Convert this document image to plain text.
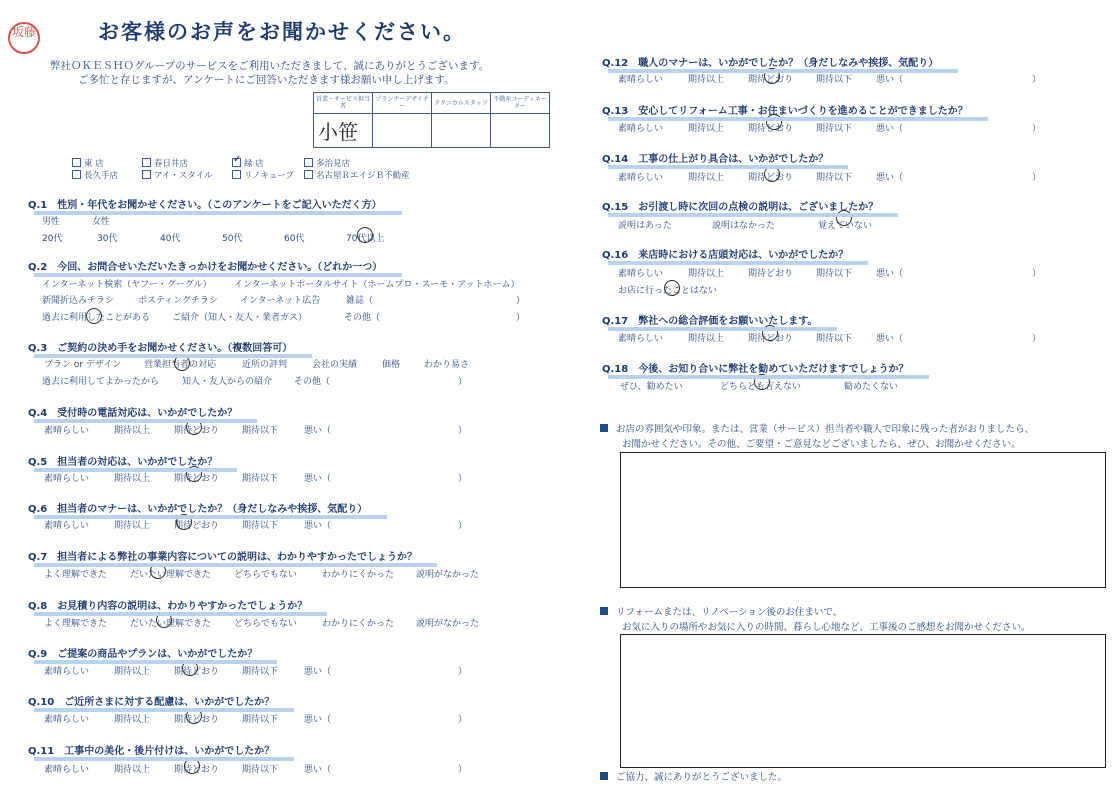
坂藤	お客様のお声をお聞かせください。
弊社ＯＫＥＳＨＯグループのサービスをご利用いただきまして、誠にありがとうございます。
ご多忙と存じますが、アンケートにご回答いただきます様お願い申し上げます。
営業・サービス担当者	プランナーデザイナー	テクニカルスタッフ	不動産コーディネーター
小笹			
東 店	春日井店	✓ 緑 店	多治見店
長久手店	アイ・スタイル	リノキューブ	名古屋ＲエイジＢ不動産
Q.1　性別・年代をお聞かせください。（このアンケートをご記入いただく方）
男性	女性
20代	30代	40代	50代	60代	70代以上
Q.2　今回、お問合せいただいたきっかけをお聞かせください。（どれか一つ）
インターネット検索（ヤフー・グーグル） インターネットポータルサイト（ホームプロ・スーモ・アットホーム）
新聞折込みチラシ	ポスティングチラシ インターネット広告	雑誌（	）
過去に利用したことがある ご紹介（知人・友人・業者ガス）	その他（	）
Q.3　ご契約の決め手をお聞かせください。（複数回答可）
プラン or デザイン	営業担当者の対応	近所の評判	会社の実績	価格	わかり易さ
過去に利用してよかったから	知人・友人からの紹介 その他（	）
Q.4　受付時の電話対応は、いかがでしたか？
素晴らしい	期待以上	期待どおり	期待以下	悪い（	）
Q.5　担当者の対応は、いかがでしたか？
素晴らしい	期待以上	期待どおり	期待以下	悪い（	）
Q.6　担当者のマナーは、いかがでしたか？（身だしなみや挨拶、気配り）
素晴らしい	期待以上	期待どおり	期待以下	悪い（	）
Q.7　担当者による弊社の事業内容についての説明は、わかりやすかったでしょうか？
よく理解できた	だいたい理解できた	どちらでもない	わかりにくかった 説明がなかった
Q.8　お見積り内容の説明は、わかりやすかったでしょうか？
よく理解できた	だいたい理解できた	どちらでもない	わかりにくかった 説明がなかった
Q.9　ご提案の商品やプランは、いかがでしたか？
素晴らしい	期待以上	期待どおり	期待以下	悪い（	）
Q.10　ご近所さまに対する配慮は、いかがでしたか？
素晴らしい	期待以上	期待どおり	期待以下	悪い（	）
Q.11　工事中の美化・後片付けは、いかがでしたか？
素晴らしい	期待以上	期待どおり	期待以下	悪い（	）
Q.12　職人のマナーは、いかがでしたか？（身だしなみや挨拶、気配り）
素晴らしい	期待以上	期待どおり	期待以下	悪い（	）
Q.13　安心してリフォーム工事・お住まいづくりを進めることができましたか？
素晴らしい	期待以上	期待どおり	期待以下	悪い（	）
Q.14　工事の仕上がり具合は、いかがでしたか？
素晴らしい	期待以上	期待どおり	期待以下	悪い（	）
Q.15　お引渡し時に次回の点検の説明は、ございましたか？
説明はあった	説明はなかった	覚えていない
Q.16　来店時における店頭対応は、いかがでしたか？
素晴らしい	期待以上	期待どおり	期待以下	悪い（	）
お店に行ったことはない
Q.17　弊社への総合評価をお願いいたします。
素晴らしい	期待以上	期待どおり	期待以下	悪い（	）
Q.18　今後、お知り合いに弊社を勧めていただけますでしょうか？
ぜひ、勧めたい	どちらとも言えない	勧めたくない
お店の雰囲気や印象。または、営業（サービス）担当者や職人で印象に残った者がおりましたら、
お聞かせください。その他、ご要望・ご意見などございましたら、ぜひ、お聞かせください。
リフォームまたは、リノベーション後のお住まいで、
お気に入りの場所やお気に入りの時間、暮らし心地など、工事後のご感想をお聞かせください。
ご協力、誠にありがとうございました。
